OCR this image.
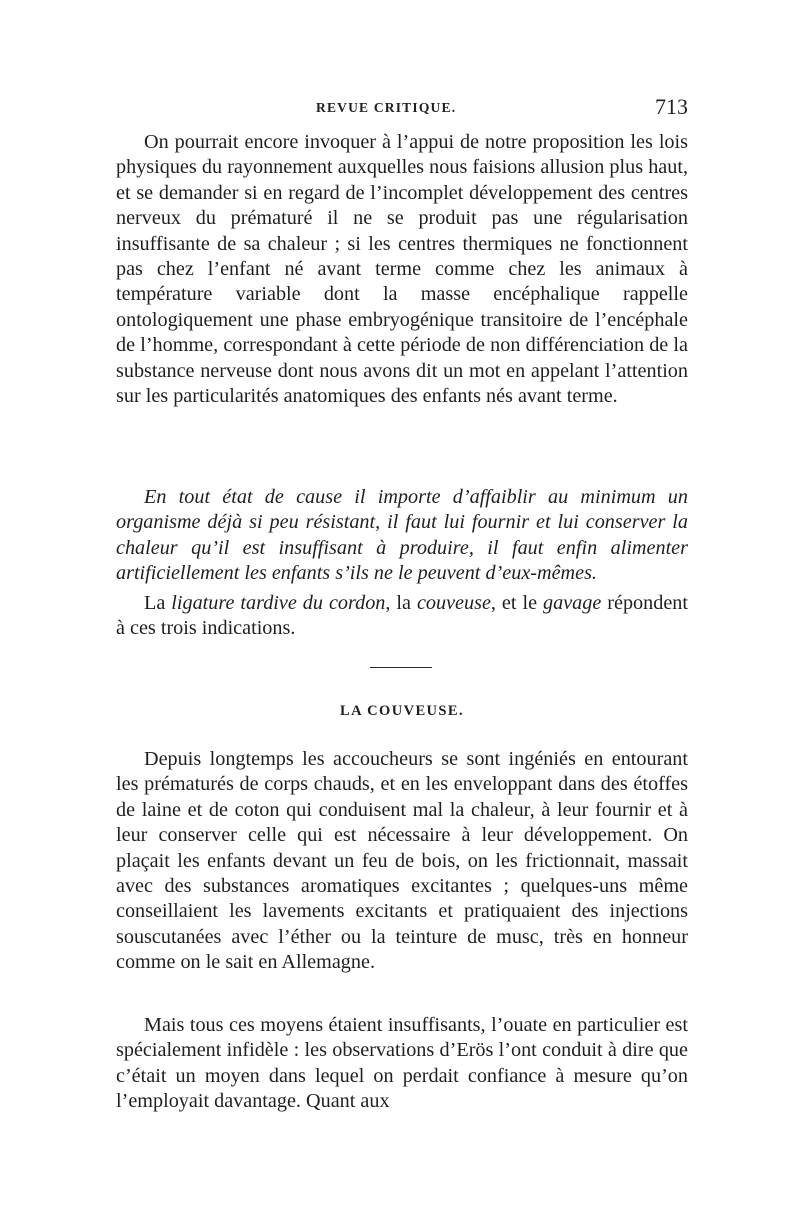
REVUE CRITIQUE.	713

On pourrait encore invoquer à l’appui de notre proposition les lois physiques du rayonnement auxquelles nous faisions allusion plus haut, et se demander si en regard de l’incomplet développement des centres nerveux du prématuré il ne se produit pas une régularisation insuffisante de sa chaleur ; si les centres thermiques ne fonctionnent pas chez l’enfant né avant terme comme chez les animaux à température variable dont la masse encéphalique rappelle ontologiquement une phase embryogénique transitoire de l’encéphale de l’homme, correspondant à cette période de non différenciation de la substance nerveuse dont nous avons dit un mot en appelant l’attention sur les particularités anatomiques des enfants nés avant terme.

En tout état de cause il importe d’affaiblir au minimum un organisme déjà si peu résistant, il faut lui fournir et lui conserver la chaleur qu’il est insuffisant à produire, il faut enfin alimenter artificiellement les enfants s’ils ne le peuvent d’eux-mêmes.

La ligature tardive du cordon, la couveuse, et le gavage répondent à ces trois indications.

LA COUVEUSE.

Depuis longtemps les accoucheurs se sont ingéniés en entourant les prématurés de corps chauds, et en les enveloppant dans des étoffes de laine et de coton qui conduisent mal la chaleur, à leur fournir et à leur conserver celle qui est nécessaire à leur développement. On plaçait les enfants devant un feu de bois, on les frictionnait, massait avec des substances aromatiques excitantes ; quelques-uns même conseillaient les lavements excitants et pratiquaient des injections souscutanées avec l’éther ou la teinture de musc, très en honneur comme on le sait en Allemagne.

Mais tous ces moyens étaient insuffisants, l’ouate en particulier est spécialement infidèle : les observations d’Erös l’ont conduit à dire que c’était un moyen dans lequel on perdait confiance à mesure qu’on l’employait davantage. Quant aux
